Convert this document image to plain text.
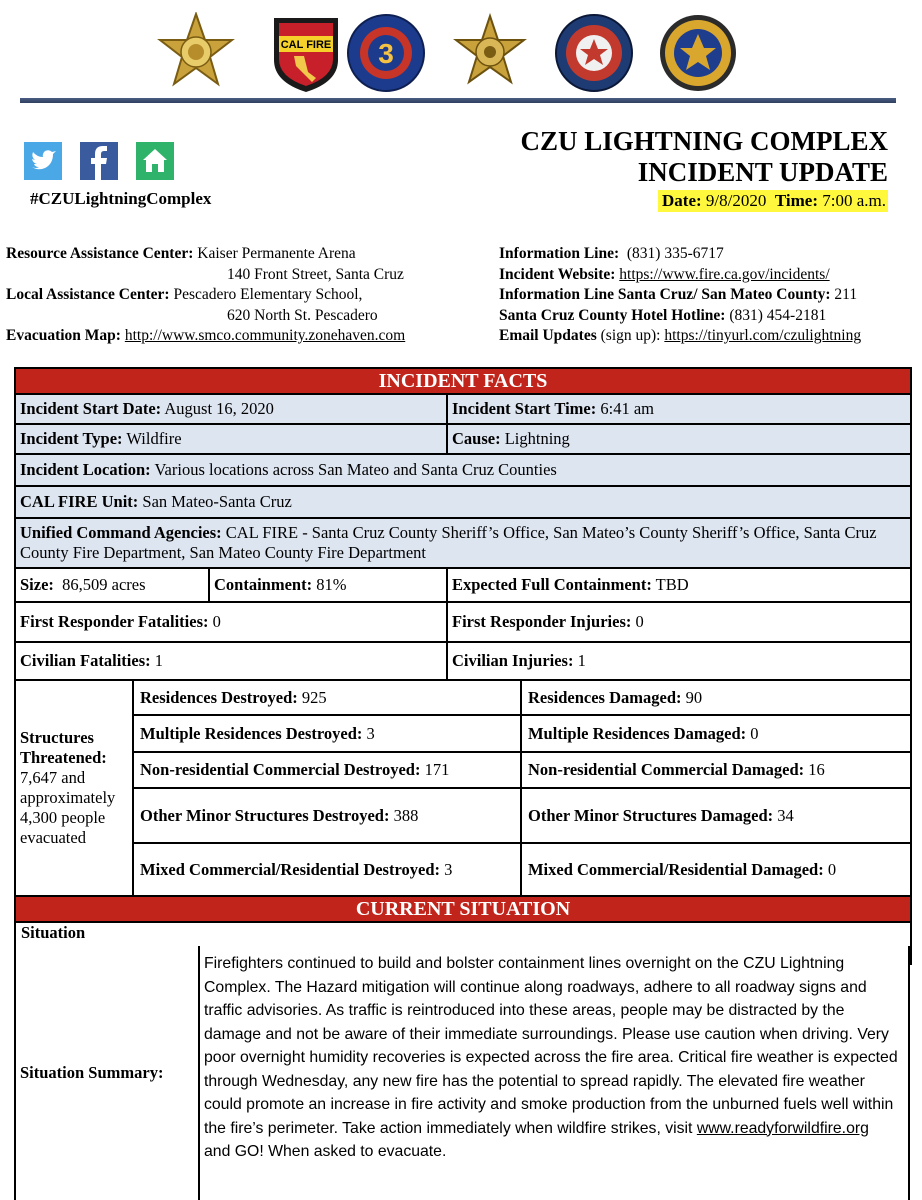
CAL FIRE 3
#CZULightningComplex
CZU LIGHTNING COMPLEX
INCIDENT UPDATE
Date: 9/8/2020 Time: 7:00 a.m.
Resource Assistance Center: Kaiser Permanente Arena
140 Front Street, Santa Cruz
Local Assistance Center: Pescadero Elementary School,
620 North St. Pescadero
Evacuation Map: http://www.smco.community.zonehaven.com
Information Line: (831) 335-6717
Incident Website: https://www.fire.ca.gov/incidents/
Information Line Santa Cruz/ San Mateo County: 211
Santa Cruz County Hotel Hotline: (831) 454-2181
Email Updates (sign up): https://tinyurl.com/czulightning
INCIDENT FACTS
Incident Start Date: August 16, 2020	Incident Start Time: 6:41 am
Incident Type: Wildfire	Cause: Lightning
Incident Location: Various locations across San Mateo and Santa Cruz Counties
CAL FIRE Unit: San Mateo-Santa Cruz
Unified Command Agencies: CAL FIRE - Santa Cruz County Sheriff’s Office, San Mateo’s County Sheriff’s Office, Santa Cruz County Fire Department, San Mateo County Fire Department
Size: 86,509 acres	Containment: 81%	Expected Full Containment: TBD
First Responder Fatalities: 0	First Responder Injuries: 0
Civilian Fatalities: 1	Civilian Injuries: 1
Structures Threatened:
7,647 and approximately 4,300 people evacuated	
Residences Destroyed: 925	Residences Damaged: 90
Multiple Residences Destroyed: 3	Multiple Residences Damaged: 0
Non-residential Commercial Destroyed: 171	Non-residential Commercial Damaged: 16
Other Minor Structures Destroyed: 388	Other Minor Structures Damaged: 34
Mixed Commercial/Residential Destroyed: 3	Mixed Commercial/Residential Damaged: 0

CURRENT SITUATION

Situation
Situation Summary:
Firefighters continued to build and bolster containment lines overnight on the CZU Lightning Complex. The Hazard mitigation will continue along roadways, adhere to all roadway signs and traffic advisories. As traffic is reintroduced into these areas, people may be distracted by the damage and not be aware of their immediate surroundings. Please use caution when driving. Very poor overnight humidity recoveries is expected across the fire area. Critical fire weather is expected through Wednesday, any new fire has the potential to spread rapidly. The elevated fire weather could promote an increase in fire activity and smoke production from the unburned fuels well within the fire’s perimeter. Take action immediately when wildfire strikes, visit www.readyforwildfire.org and GO! When asked to evacuate.
